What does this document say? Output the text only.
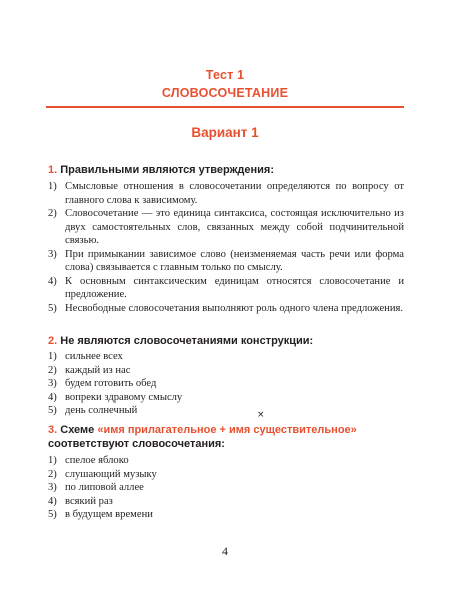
Тест 1
СЛОВОСОЧЕТАНИЕ
Вариант 1
1. Правильными являются утверждения:
1) Смысловые отношения в словосочетании определяются по вопросу от главного слова к зависимому.
2) Словосочетание — это единица синтаксиса, состоящая исключительно из двух самостоятельных слов, связанных между собой подчинительной связью.
3) При примыкании зависимое слово (неизменяемая часть речи или форма слова) связывается с главным только по смыслу.
4) К основным синтаксическим единицам относятся словосочетание и предложение.
5) Несвободные словосочетания выполняют роль одного члена предложения.
2. Не являются словосочетаниями конструкции:
1) сильнее всех
2) каждый из нас
3) будем готовить обед
4) вопреки здравому смыслу
5) день солнечный	×
3. Схеме «имя прилагательное + имя существительное» соответствуют словосочетания:
1) спелое яблоко
2) слушающий музыку
3) по липовой аллее
4) всякий раз
5) в будущем времени
4
